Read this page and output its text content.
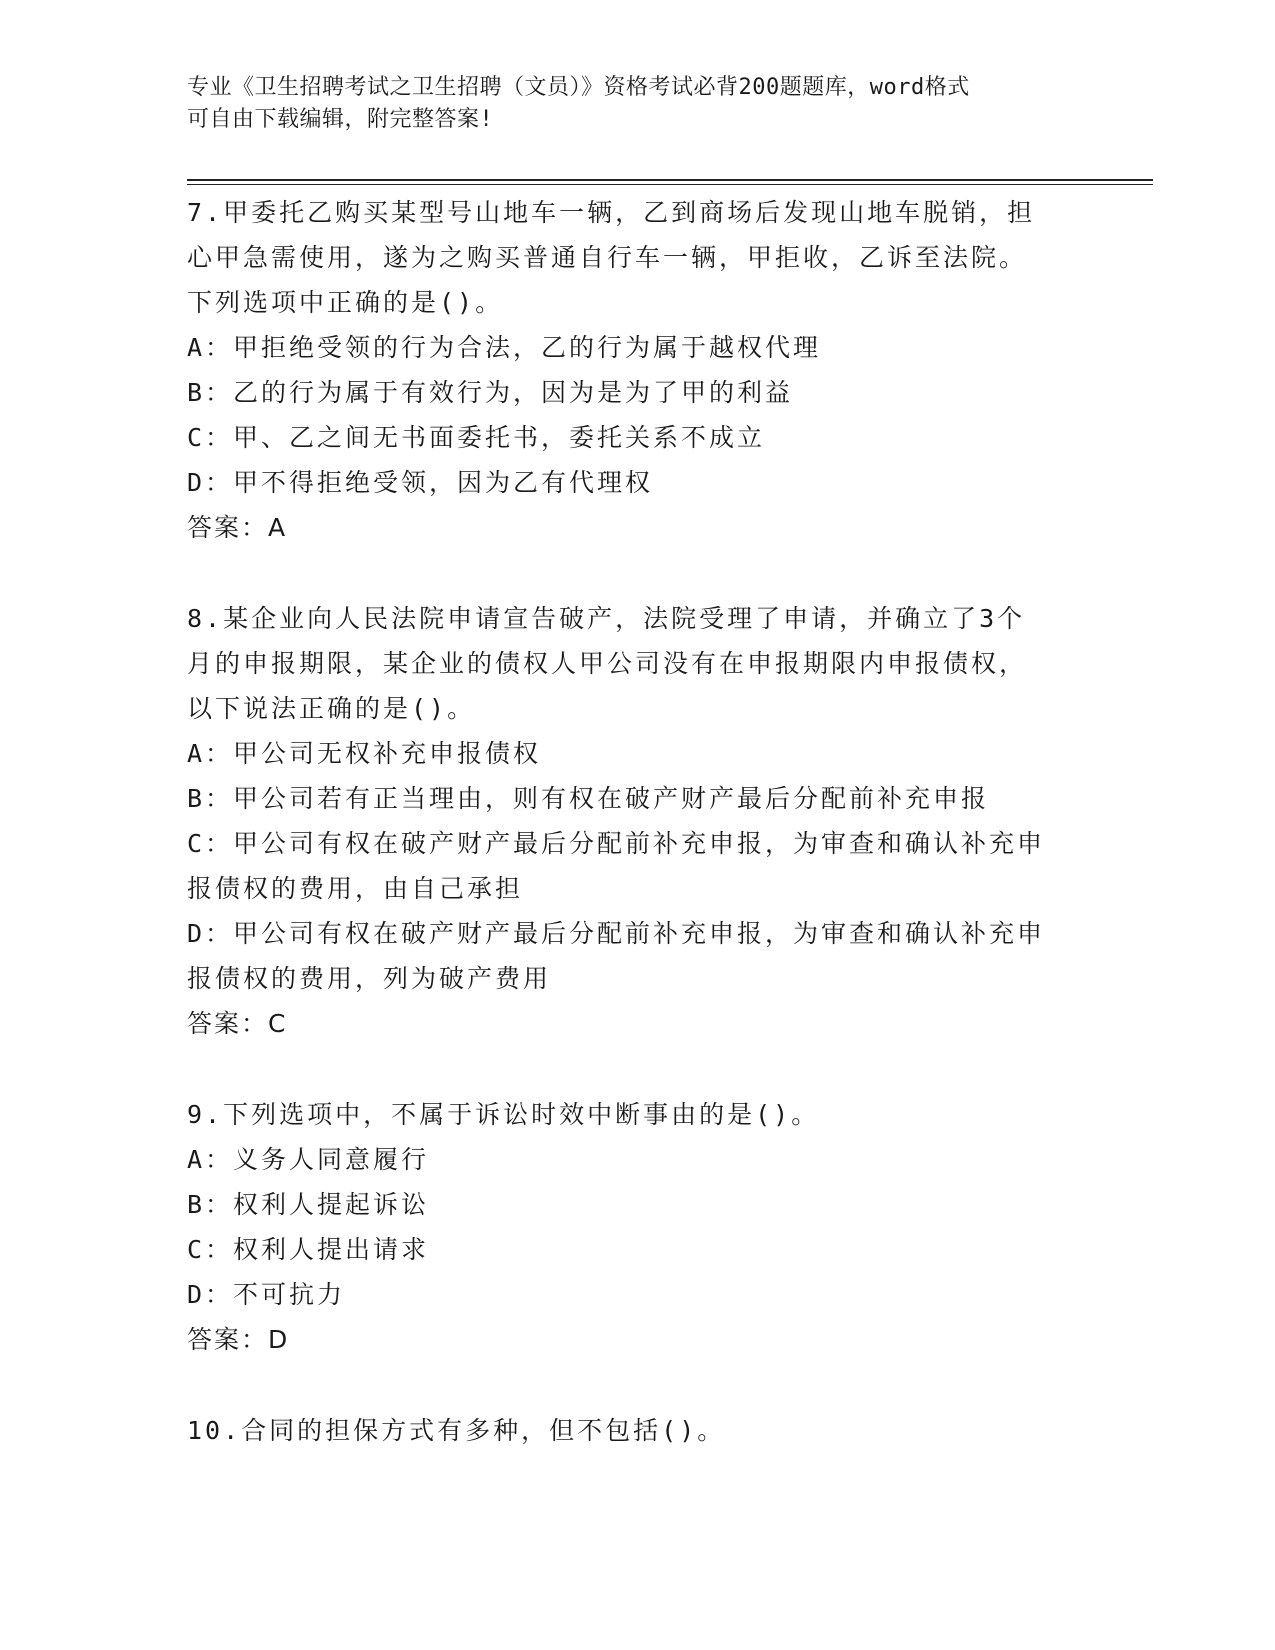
专业《卫生招聘考试之卫生招聘（文员）》资格考试必背200题题库，word格式
可自由下载编辑，附完整答案!
7.甲委托乙购买某型号山地车一辆，乙到商场后发现山地车脱销，担
心甲急需使用，遂为之购买普通自行车一辆，甲拒收，乙诉至法院。
下列选项中正确的是()。
A：甲拒绝受领的行为合法，乙的行为属于越权代理
B：乙的行为属于有效行为，因为是为了甲的利益
C：甲、乙之间无书面委托书，委托关系不成立
D：甲不得拒绝受领，因为乙有代理权
答案：A
8.某企业向人民法院申请宣告破产，法院受理了申请，并确立了3个
月的申报期限，某企业的债权人甲公司没有在申报期限内申报债权，
以下说法正确的是()。
A：甲公司无权补充申报债权
B：甲公司若有正当理由，则有权在破产财产最后分配前补充申报
C：甲公司有权在破产财产最后分配前补充申报，为审查和确认补充申
报债权的费用，由自己承担
D：甲公司有权在破产财产最后分配前补充申报，为审查和确认补充申
报债权的费用，列为破产费用
答案：C
9.下列选项中，不属于诉讼时效中断事由的是()。
A：义务人同意履行
B：权利人提起诉讼
C：权利人提出请求
D：不可抗力
答案：D
10.合同的担保方式有多种，但不包括()。
